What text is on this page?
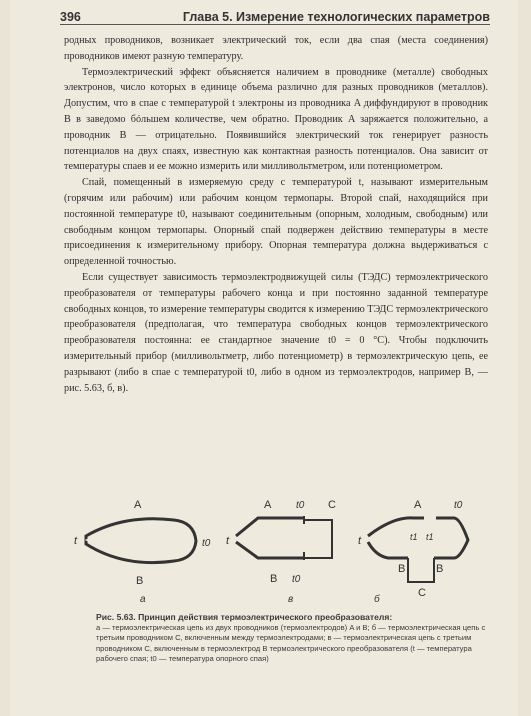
396	Глава 5. Измерение технологических параметров

родных проводников, возникает электрический ток, если два спая (места соединения) проводников имеют разную температуру.

Термоэлектрический эффект объясняется наличием в проводнике (металле) свободных электронов, число которых в единице объема различно для разных проводников (металлов). Допустим, что в спае с температурой t электроны из проводника A диффундируют в проводник B в заведомо бóльшем количестве, чем обратно. Проводник A заряжается положительно, а проводник B — отрицательно. Появившийся электрический ток генерирует разность потенциалов на двух спаях, известную как контактная разность потенциалов. Она зависит от температуры спаев и ее можно измерить или милливольтметром, или потенциометром.

Спай, помещенный в измеряемую среду с температурой t, называют измерительным (горячим или рабочим) или рабочим концом термопары. Второй спай, находящийся при постоянной температуре t0, называют соединительным (опорным, холодным, свободным) или свободным концом термопары. Опорный спай подвержен действию температуры в месте присоединения к измерительному прибору. Опорная температура должна выдерживаться с определенной точностью.

Если существует зависимость термоэлектродвижущей силы (ТЭДС) термоэлектрического преобразователя от температуры рабочего конца и при постоянно заданной температуре свободных концов, то измерение температуры сводится к измерению ТЭДС термоэлектрического преобразователя (предполагая, что температура свободных концов термоэлектрического преобразователя постоянна: ее стандартное значение t0 = 0 °С). Чтобы подключить измерительный прибор (милливольтметр, либо потенциометр) в термоэлектрическую цепь, ее разрывают (либо в спае с температурой t0, либо в одном из термоэлектродов, например B, — рис. 5.63, б, в).

A
B
t	t0
а
A t0 C
t
B t0
в
A	t0
t	t1 t1
B	B
C
б
Рис. 5.63. Принцип действия термоэлектрического преобразователя:
а — термоэлектрическая цепь из двух проводников (термоэлектродов) A и B; б — термоэлектрическая цепь с третьим проводником C, включенным между термоэлектродами; в — термоэлектрическая цепь с третьим проводником C, включенным в термоэлектрод B термоэлектрического преобразователя (t — температура рабочего спая; t0 — температура опорного спая)
